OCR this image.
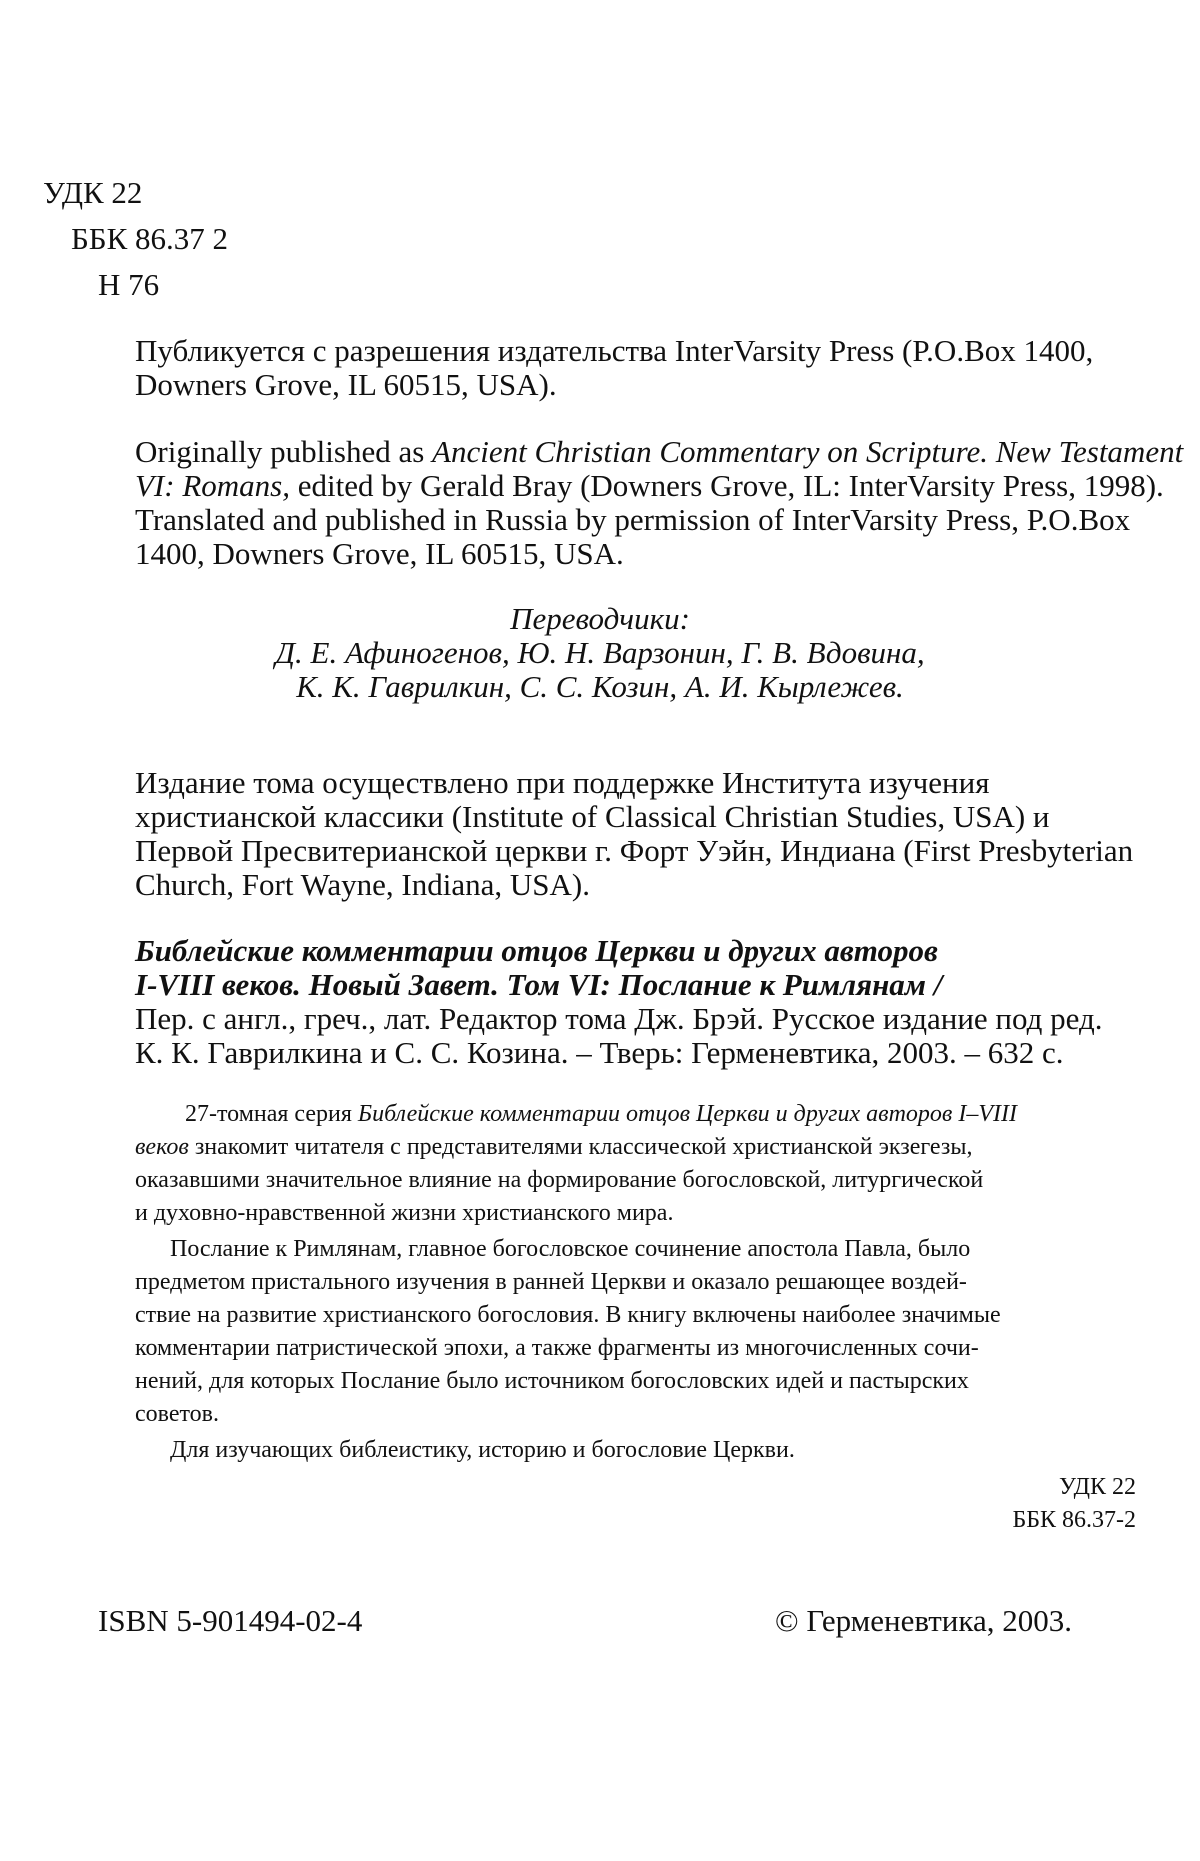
УДК 22
ББК 86.37 2
Н 76
Публикуется с разрешения издательства InterVarsity Press (P.O.Box 1400,
Downers Grove, IL 60515, USA).
Originally published as Ancient Christian Commentary on Scripture. New Testament
VI: Romans, edited by Gerald Bray (Downers Grove, IL: InterVarsity Press, 1998).
Translated and published in Russia by permission of InterVarsity Press, P.O.Box
1400, Downers Grove, IL 60515, USA.
Переводчики:
Д. Е. Афиногенов, Ю. Н. Варзонин, Г. В. Вдовина,
К. К. Гаврилкин, С. С. Козин, А. И. Кырлежев.
Издание тома осуществлено при поддержке Института изучения
христианской классики (Institute of Classical Christian Studies, USA) и
Первой Пресвитерианской церкви г. Форт Уэйн, Индиана (First Presbyterian
Church, Fort Wayne, Indiana, USA).
Библейские комментарии отцов Церкви и других авторов
I-VIII веков. Новый Завет. Том VI: Послание к Римлянам /
Пер. с англ., греч., лат. Редактор тома Дж. Брэй. Русское издание под ред.
К. К. Гаврилкина и С. С. Козина. – Тверь: Герменевтика, 2003. – 632 с.
27-томная серия Библейские комментарии отцов Церкви и других авторов I–VIII
веков знакомит читателя с представителями классической христианской экзегезы,
оказавшими значительное влияние на формирование богословской, литургической
и духовно-нравственной жизни христианского мира.
Послание к Римлянам, главное богословское сочинение апостола Павла, было
предметом пристального изучения в ранней Церкви и оказало решающее воздей-
ствие на развитие христианского богословия. В книгу включены наиболее значимые
комментарии патристической эпохи, а также фрагменты из многочисленных сочи-
нений, для которых Послание было источником богословских идей и пастырских
советов.
Для изучающих библеистику, историю и богословие Церкви.
УДК 22
ББК 86.37-2
ISBN 5-901494-02-4	© Герменевтика, 2003.
